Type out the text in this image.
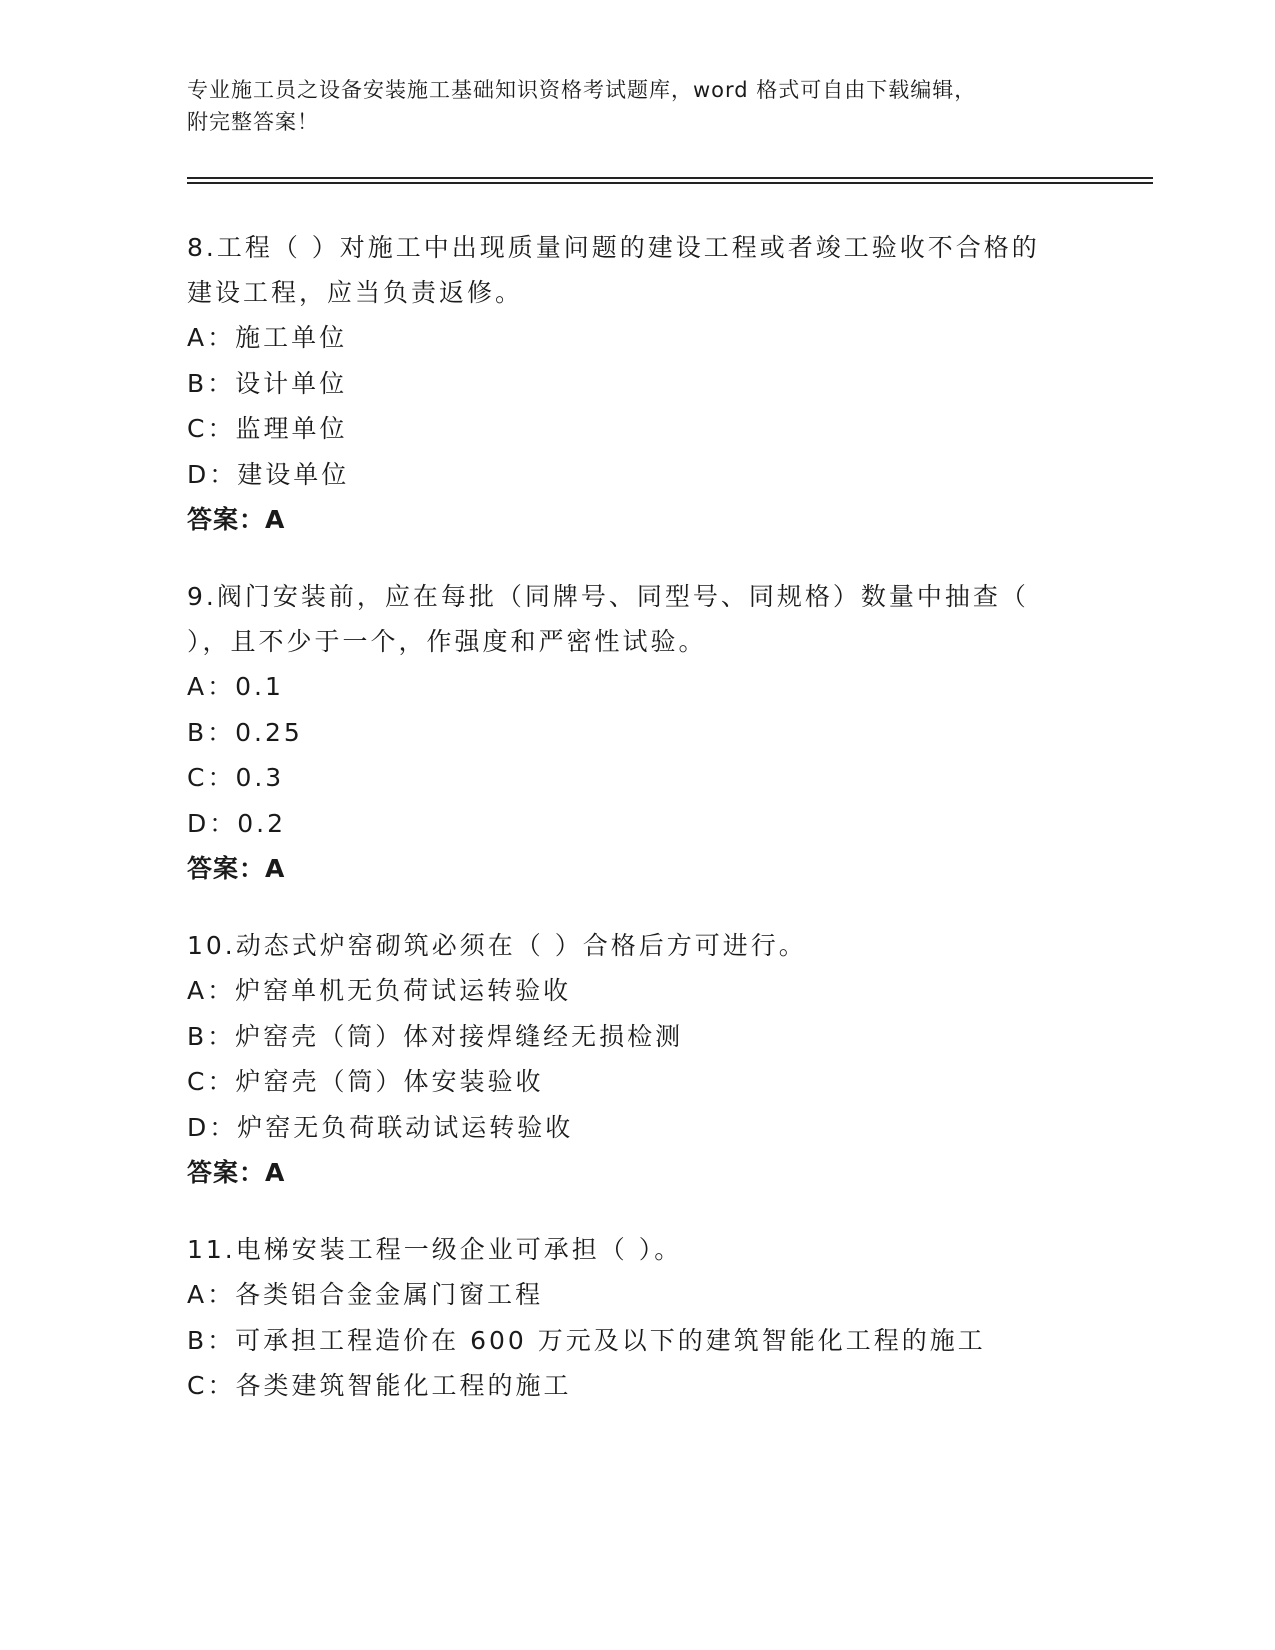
专业施工员之设备安装施工基础知识资格考试题库，word 格式可自由下载编辑，
附完整答案！
8.工程（ ）对施工中出现质量问题的建设工程或者竣工验收不合格的
建设工程，应当负责返修。
A：施工单位
B：设计单位
C：监理单位
D：建设单位
答案：A
9.阀门安装前，应在每批（同牌号、同型号、同规格）数量中抽查（
），且不少于一个，作强度和严密性试验。
A：0.1
B：0.25
C：0.3
D：0.2
答案：A
10.动态式炉窑砌筑必须在（ ）合格后方可进行。
A：炉窑单机无负荷试运转验收
B：炉窑壳（筒）体对接焊缝经无损检测
C：炉窑壳（筒）体安装验收
D：炉窑无负荷联动试运转验收
答案：A
11.电梯安装工程一级企业可承担（ ）。
A：各类铝合金金属门窗工程
B：可承担工程造价在 600 万元及以下的建筑智能化工程的施工
C：各类建筑智能化工程的施工
